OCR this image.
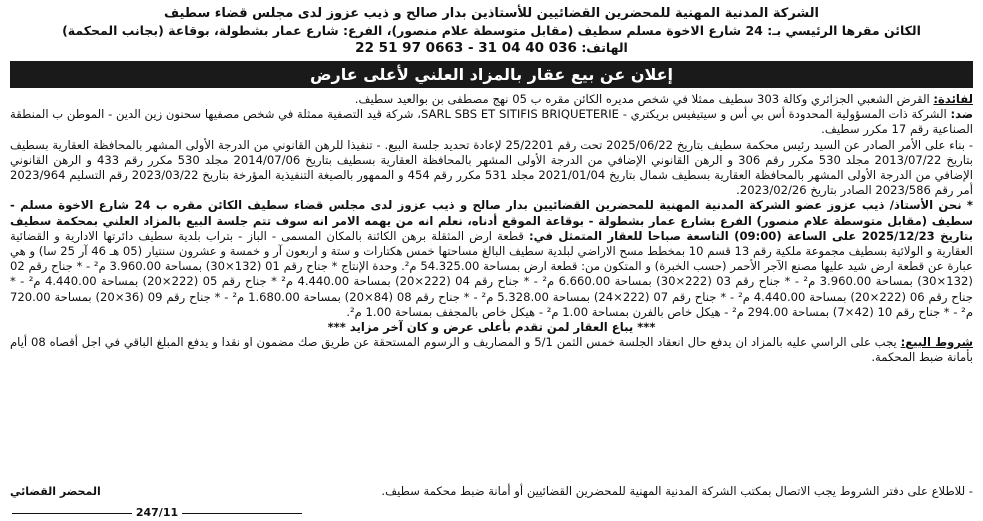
الشركة المدنية المهنية للمحضرين القضائيين للأستاذين بدار صالح و ذيب عزوز لدى مجلس قضاء سطيف
الكائن مقرها الرئيسي بـ: 24 شارع الاخوة مسلم سطيف (مقابل متوسطة علام منصور)، الفرع: شارع عمار بشطولة، بوقاعة (بجانب المحكمة)
الهاتف: 036 40 04 31 - 0663 97 51 22
إعلان عن بيع عقار بالمزاد العلني لأعلى عارض

لفائدة: القرض الشعبي الجزائري وكالة 303 سطيف ممثلا في شخص مديره الكائن مقره ب 05 نهج مصطفى بن بوالعيد سطيف.

ضد: الشركة ذات المسؤولية المحدودة أس بي أس و سيتيفيس بريكتري - SARL SBS ET SITIFIS BRIQUETERIE، شركة قيد التصفية ممثلة في شخص مصفيها سحنون زين الدين - الموطن ب المنطقة الصناعية رقم 17 مكرر سطيف.

- بناء على الأمر الصادر عن السيد رئيس محكمة سطيف بتاريخ 2025/06/22 تحت رقم 25/2201 لإعادة تحديد جلسة البيع. - تنفيذا للرهن القانوني من الدرجة الأولى المشهر بالمحافظة العقارية بسطيف بتاريخ 2013/07/22 مجلد 530 مكرر رقم 306 و الرهن القانوني الإضافي من الدرجة الأولى المشهر بالمحافظة العقارية بسطيف بتاريخ 2014/07/06 مجلد 530 مكرر رقم 433 و الرهن القانوني الإضافي من الدرجة الأولى المشهر بالمحافظة العقارية بسطيف شمال بتاريخ 2021/01/04 مجلد 531 مكرر رقم 454 و الممهور بالصيغة التنفيذية المؤرخة بتاريخ 2023/03/22 رقم التسليم 2023/964 أمر رقم 2023/586 الصادر بتاريخ 2023/02/26.

* نحن الأستاذ/ ذيب عزوز عضو الشركة المدنية المهنية للمحضرين القضائيين بدار صالح و ذيب عزوز لدى مجلس قضاء سطيف الكائن مقره ب 24 شارع الاخوة مسلم - سطيف (مقابل متوسطة علام منصور) الفرع بشارع عمار بشطولة - بوقاعة الموقع أدناه، نعلم انه من يهمه الامر انه سوف تتم جلسة البيع بالمزاد العلني بمحكمة سطيف بتاريخ 2025/12/23 على الساعة (09:00) التاسعة صباحا للعقار المتمثل في: قطعة ارض المثقلة برهن الكائنة بالمكان المسمى - الباز - بتراب بلدية سطيف دائرتها الادارية و القضائية العقارية و الولائية بسطيف مجموعة ملكية رقم 13 قسم 10 بمخطط مسح الاراضي لبلدية سطيف البالغ مساحتها خمس هكتارات و ستة و اربعون آر و خمسة و عشرون سنتيار (05 هـ 46 آر 25 سا) و هي عبارة عن قطعة ارض شيد عليها مصنع الآجر الأحمر (حسب الخبرة) و المتكون من: قطعة ارض بمساحة 54.325.00 م². وحدة الإنتاج * جناح رقم 01 (132×30) بمساحة 3.960.00 م² - * جناح رقم 02 (132×30) بمساحة 3.960.00 م² - * جناح رقم 03 (222×30) بمساحة 6.660.00 م² - * جناح رقم 04 (222×20) بمساحة 4.440.00 م² * جناح رقم 05 (222×20) بمساحة 4.440.00 م² - * جناح رقم 06 (222×20) بمساحة 4.440.00 م² - * جناح رقم 07 (222×24) بمساحة 5.328.00 م² - * جناح رقم 08 (84×20) بمساحة 1.680.00 م² - * جناح رقم 09 (36×20) بمساحة 720.00 م² - * جناح رقم 10 (42×7) بمساحة 294.00 م² - هيكل خاص بالفرن بمساحة 1.00 م² - هيكل خاص بالمجفف بمساحة 1.00 م².

*** يباع العقار لمن تقدم بأعلى عرض و كان آخر مزايد ***

شروط البيع: يجب على الراسي عليه بالمزاد ان يدفع حال انعقاد الجلسة خمس الثمن 5/1 و المصاريف و الرسوم المستحقة عن طريق صك مضمون او نقدا و يدفع المبلغ الباقي في اجل أقصاه 08 أيام بأمانة ضبط المحكمة.

- للاطلاع على دفتر الشروط يجب الاتصال بمكتب الشركة المدنية المهنية للمحضرين القضائيين أو أمانة ضبط محكمة سطيف.
المحضر القضائي
247/11
